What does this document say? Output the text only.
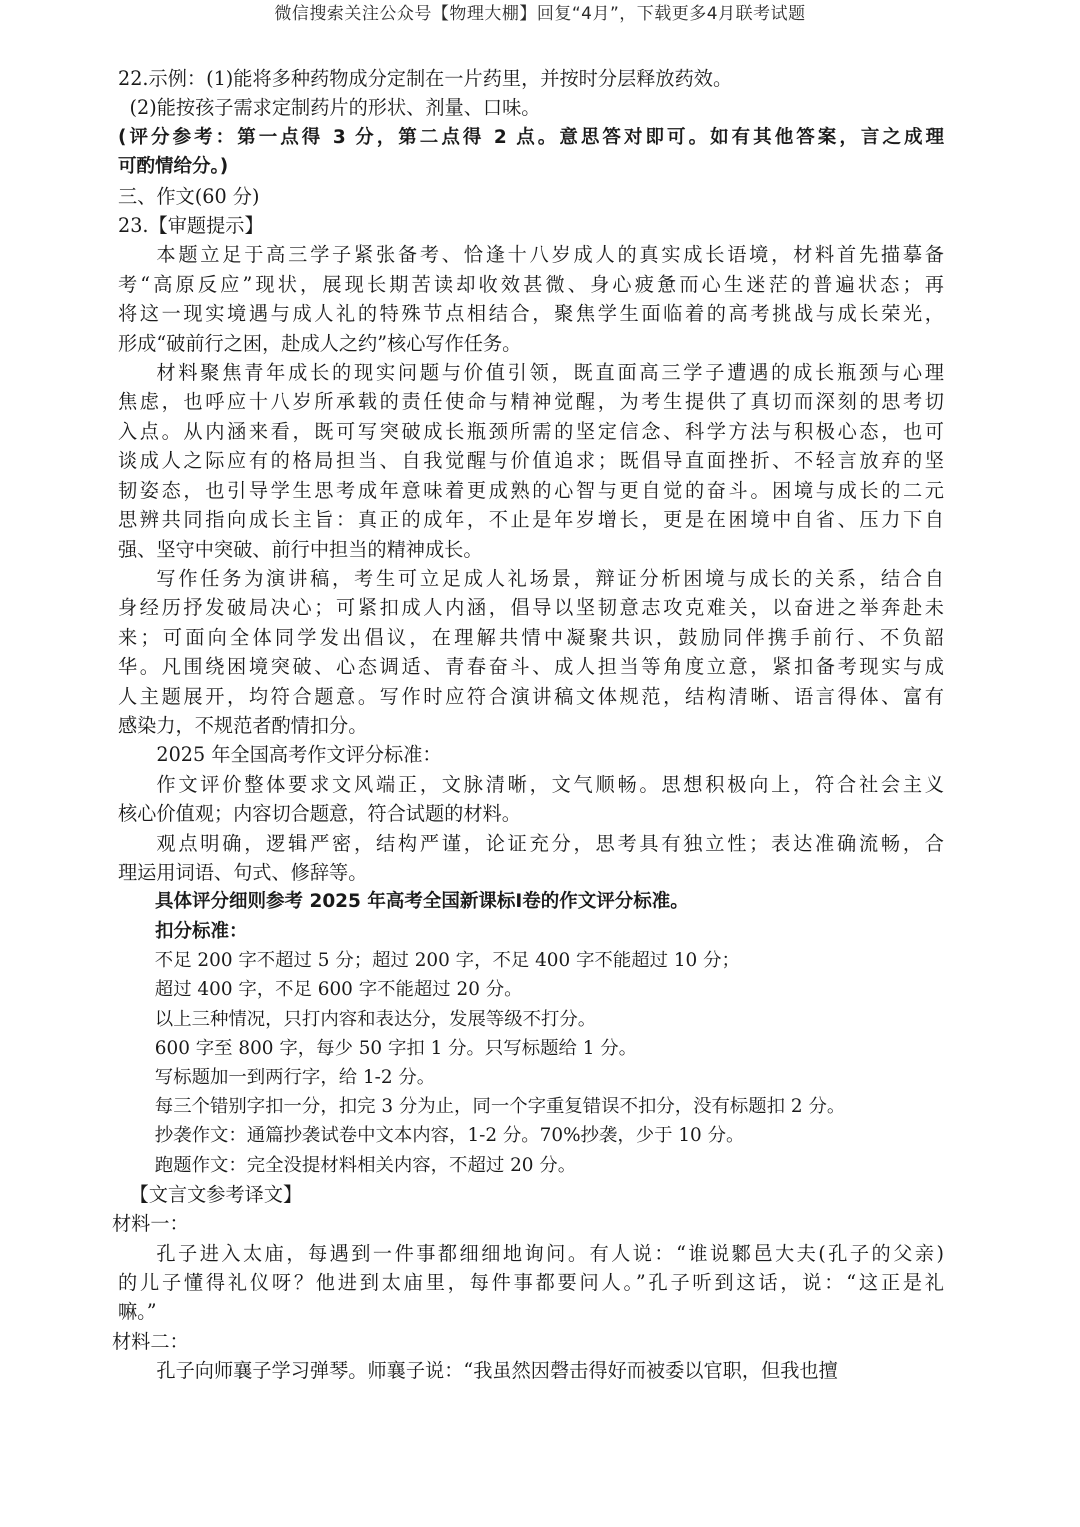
微信搜索关注公众号【物理大棚】回复“4月”，下载更多4月联考试题
22.示例：(1)能将多种药物成分定制在一片药里，并按时分层释放药效。
(2)能按孩子需求定制药片的形状、剂量、口味。
(评分参考：第一点得 3 分，第二点得 2 点。意思答对即可。如有其他答案，言之成理
可酌情给分。)
三、作文(60 分)
23.【审题提示】
本题立足于高三学子紧张备考、恰逢十八岁成人的真实成长语境，材料首先描摹备
考“高原反应”现状，展现长期苦读却收效甚微、身心疲惫而心生迷茫的普遍状态；再
将这一现实境遇与成人礼的特殊节点相结合，聚焦学生面临着的高考挑战与成长荣光，
形成“破前行之困，赴成人之约”核心写作任务。
材料聚焦青年成长的现实问题与价值引领，既直面高三学子遭遇的成长瓶颈与心理
焦虑，也呼应十八岁所承载的责任使命与精神觉醒，为考生提供了真切而深刻的思考切
入点。从内涵来看，既可写突破成长瓶颈所需的坚定信念、科学方法与积极心态，也可
谈成人之际应有的格局担当、自我觉醒与价值追求；既倡导直面挫折、不轻言放弃的坚
韧姿态，也引导学生思考成年意味着更成熟的心智与更自觉的奋斗。困境与成长的二元
思辨共同指向成长主旨：真正的成年，不止是年岁增长，更是在困境中自省、压力下自
强、坚守中突破、前行中担当的精神成长。
写作任务为演讲稿，考生可立足成人礼场景，辩证分析困境与成长的关系，结合自
身经历抒发破局决心；可紧扣成人内涵，倡导以坚韧意志攻克难关，以奋进之举奔赴未
来；可面向全体同学发出倡议，在理解共情中凝聚共识，鼓励同伴携手前行、不负韶
华。凡围绕困境突破、心态调适、青春奋斗、成人担当等角度立意，紧扣备考现实与成
人主题展开，均符合题意。写作时应符合演讲稿文体规范，结构清晰、语言得体、富有
感染力，不规范者酌情扣分。
2025 年全国高考作文评分标准：
作文评价整体要求文风端正，文脉清晰，文气顺畅。思想积极向上，符合社会主义
核心价值观；内容切合题意，符合试题的材料。
观点明确，逻辑严密，结构严谨，论证充分，思考具有独立性；表达准确流畅，合
理运用词语、句式、修辞等。
具体评分细则参考 2025 年高考全国新课标Ⅰ卷的作文评分标准。
扣分标准：
不足 200 字不超过 5 分；超过 200 字，不足 400 字不能超过 10 分；
超过 400 字，不足 600 字不能超过 20 分。
以上三种情况，只打内容和表达分，发展等级不打分。
600 字至 800 字，每少 50 字扣 1 分。只写标题给 1 分。
写标题加一到两行字，给 1-2 分。
每三个错别字扣一分，扣完 3 分为止，同一个字重复错误不扣分，没有标题扣 2 分。
抄袭作文：通篇抄袭试卷中文本内容，1-2 分。70%抄袭，少于 10 分。
跑题作文：完全没提材料相关内容，不超过 20 分。
【文言文参考译文】
材料一：
孔子进入太庙，每遇到一件事都细细地询问。有人说：“谁说鄹邑大夫(孔子的父亲)
的儿子懂得礼仪呀？他进到太庙里，每件事都要问人。”孔子听到这话，说：“这正是礼
嘛。”
材料二：
孔子向师襄子学习弹琴。师襄子说：“我虽然因磬击得好而被委以官职，但我也擅
